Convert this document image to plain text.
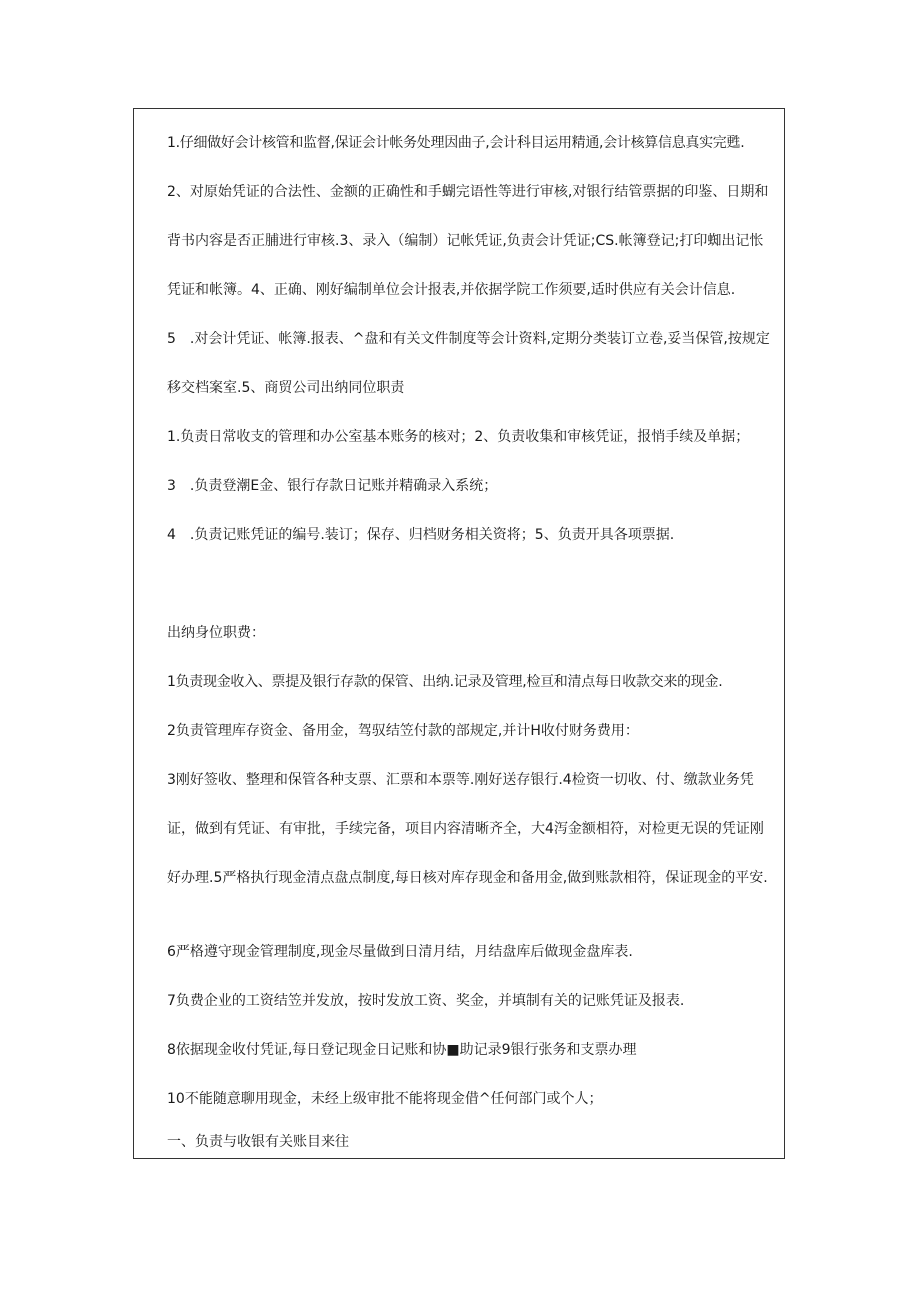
1.仔细做好会计核管和监督,保证会计帐务处理因曲子,会计科目运用精通,会计核算信息真实完甦.

2、对原始凭证的合法性、金额的正确性和手蝴完语性等进行审核,对银行结管票据的印鉴、日期和背书内容是否正脯进行审核.3、录入（编制）记帐凭证,负责会计凭证;CS.帐簿登记;打印蜘出记怅凭证和帐簿。4、正确、刚好编制单位会计报表,并依据学院工作须要,适时供应有关会计信息.

5　.对会计凭证、帐簿.报表、^盘和有关文件制度等会计资料,定期分类装订立卷,妥当保管,按规定移交档案室.5、商贸公司出纳同位职责

1.负责日常收支的管理和办公室基本账务的核对；2、负责收集和审核凭证，报悄手续及单据；

3　.负责登潮E金、银行存款日记账并精确录入系统；

4　.负责记账凭证的编号.装订；保存、归档财务相关资将；5、负责开具各项票据.

出纳身位职费：

1负责现金收入、票提及银行存款的保管、出纳.记录及管理,检亘和清点每日收款交来的现金.

2负责管理库存资金、备用金，驾驭结笠付款的部规定,并计H收付财务费用：

3刚好签收、整理和保管各种支票、汇票和本票等.刚好送存银行.4检资一切收、付、缴款业务凭证，做到有凭证、有审批，手续完备，项目内容清晰齐全，大4泻金额相符，对检更无误的凭证刚好办理.5严格执行现金清点盘点制度,每日核对库存现金和备用金,做到账款相符，保证现金的平安.

6严格遵守现金管理制度,现金尽量做到日清月结，月结盘库后做现金盘库表.

7负费企业的工资结笠并发放，按时发放工资、奖金，并填制有关的记账凭证及报表.

8依据现金收付凭证,每日登记现金日记账和协■助记录9银行张务和支票办理

10不能随意聊用现金，未经上级审批不能将现金借^任何部门或个人；

一、负责与收银有关账目来往
